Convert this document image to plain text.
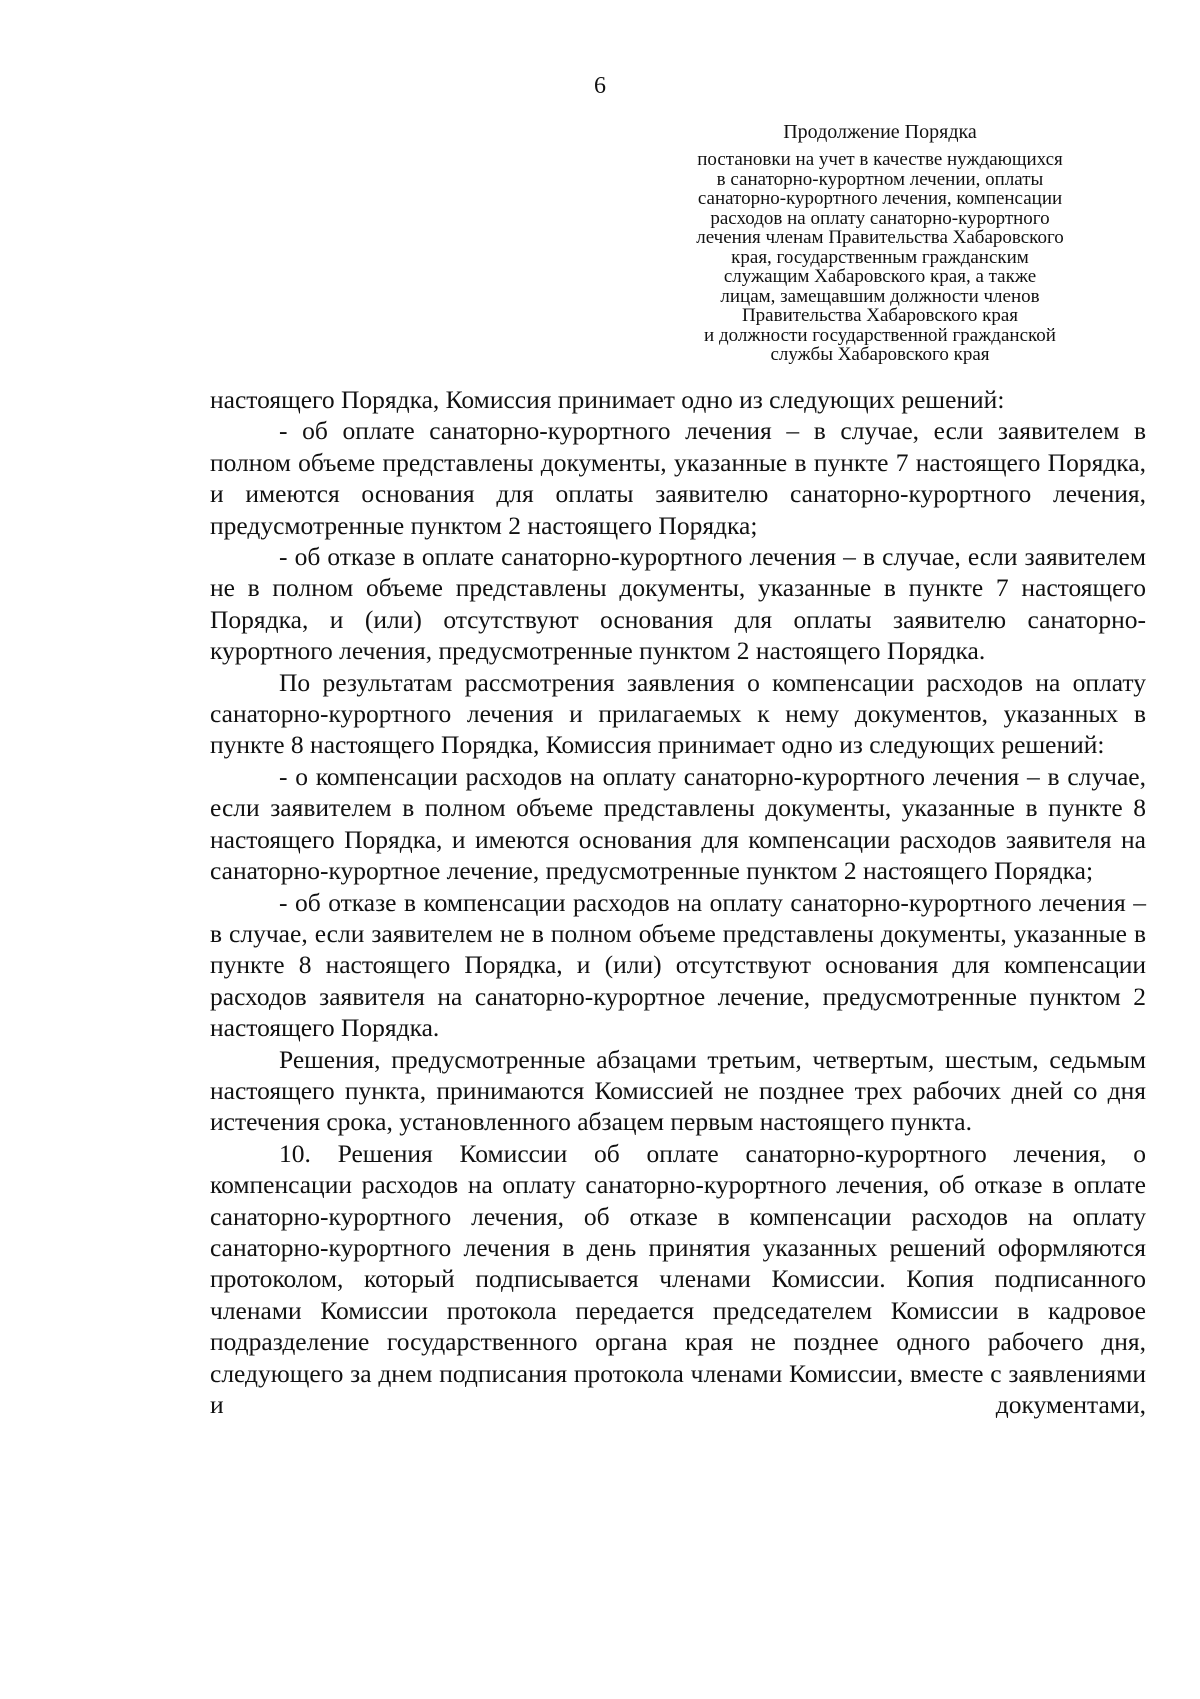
6
Продолжение Порядка
постановки на учет в качестве нуждающихся
в санаторно-курортном лечении, оплаты
санаторно-курортного лечения, компенсации
расходов на оплату санаторно-курортного
лечения членам Правительства Хабаровского
края, государственным гражданским
служащим Хабаровского края, а также
лицам, замещавшим должности членов
Правительства Хабаровского края
и должности государственной гражданской
службы Хабаровского края

настоящего Порядка, Комиссия принимает одно из следующих решений:

- об оплате санаторно-курортного лечения – в случае, если заявителем в полном объеме представлены документы, указанные в пункте 7 настоящего Порядка, и имеются основания для оплаты заявителю санаторно-курортного лечения, предусмотренные пунктом 2 настоящего Порядка;

- об отказе в оплате санаторно-курортного лечения – в случае, если заявителем не в полном объеме представлены документы, указанные в пункте 7 настоящего Порядка, и (или) отсутствуют основания для оплаты заявителю санаторно-курортного лечения, предусмотренные пунктом 2 настоящего Порядка.

По результатам рассмотрения заявления о компенсации расходов на оплату санаторно-курортного лечения и прилагаемых к нему документов, указанных в пункте 8 настоящего Порядка, Комиссия принимает одно из следующих решений:

- о компенсации расходов на оплату санаторно-курортного лечения – в случае, если заявителем в полном объеме представлены документы, указанные в пункте 8 настоящего Порядка, и имеются основания для компенсации расходов заявителя на санаторно-курортное лечение, предусмотренные пунктом 2 настоящего Порядка;

- об отказе в компенсации расходов на оплату санаторно-курортного лечения – в случае, если заявителем не в полном объеме представлены документы, указанные в пункте 8 настоящего Порядка, и (или) отсутствуют основания для компенсации расходов заявителя на санаторно-курортное лечение, предусмотренные пунктом 2 настоящего Порядка.

Решения, предусмотренные абзацами третьим, четвертым, шестым, седьмым настоящего пункта, принимаются Комиссией не позднее трех рабочих дней со дня истечения срока, установленного абзацем первым настоящего пункта.

10. Решения Комиссии об оплате санаторно-курортного лечения, о компенсации расходов на оплату санаторно-курортного лечения, об отказе в оплате санаторно-курортного лечения, об отказе в компенсации расходов на оплату санаторно-курортного лечения в день принятия указанных решений оформляются протоколом, который подписывается членами Комиссии. Копия подписанного членами Комиссии протокола передается председателем Комиссии в кадровое подразделение государственного органа края не позднее одного рабочего дня, следующего за днем подписания протокола членами Комиссии, вместе с заявлениями и документами,
